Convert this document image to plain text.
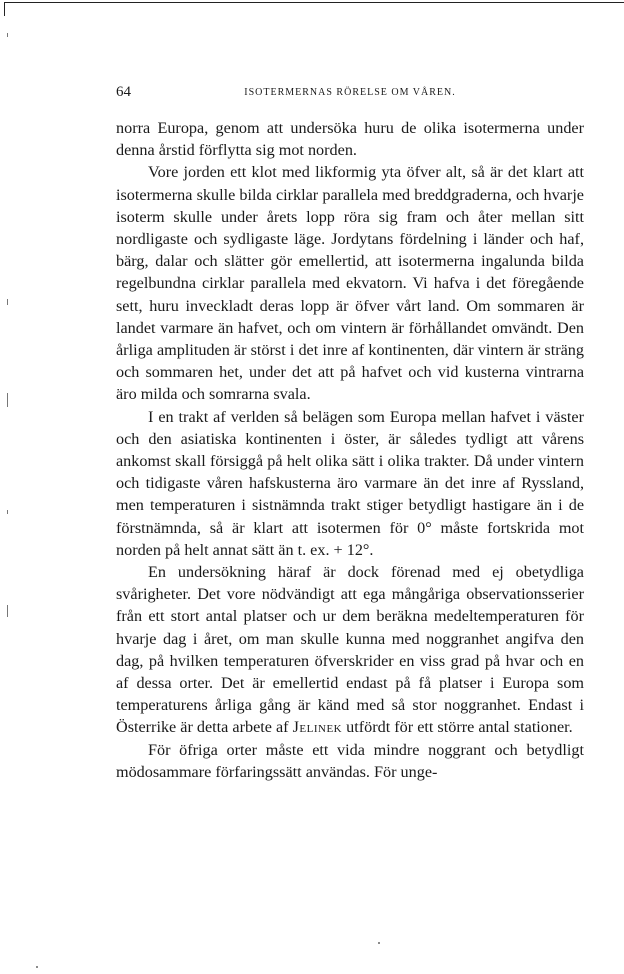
64	ISOTERMERNAS RÖRELSE OM VÅREN.

norra Europa, genom att undersöka huru de olika isotermerna under denna årstid förflytta sig mot norden.

Vore jorden ett klot med likformig yta öfver alt, så är det klart att isotermerna skulle bilda cirklar parallela med breddgraderna, och hvarje isoterm skulle under årets lopp röra sig fram och åter mellan sitt nordligaste och sydligaste läge. Jordytans fördelning i länder och haf, bärg, dalar och slätter gör emellertid, att isotermerna ingalunda bilda regelbundna cirklar parallela med ekvatorn. Vi hafva i det föregående sett, huru inveckladt deras lopp är öfver vårt land. Om sommaren är landet varmare än hafvet, och om vintern är förhållandet omvändt. Den årliga amplituden är störst i det inre af kontinenten, där vintern är sträng och sommaren het, under det att på hafvet och vid kusterna vintrarna äro milda och somrarna svala.

I en trakt af verlden så belägen som Europa mellan hafvet i väster och den asiatiska kontinenten i öster, är således tydligt att vårens ankomst skall försiggå på helt olika sätt i olika trakter. Då under vintern och tidigaste våren hafskusterna äro varmare än det inre af Ryssland, men temperaturen i sistnämnda trakt stiger betydligt hastigare än i de förstnämnda, så är klart att isotermen för 0° måste fortskrida mot norden på helt annat sätt än t. ex. + 12°.

En undersökning häraf är dock förenad med ej obetydliga svårigheter. Det vore nödvändigt att ega mångåriga observationsserier från ett stort antal platser och ur dem beräkna medeltemperaturen för hvarje dag i året, om man skulle kunna med noggranhet angifva den dag, på hvilken temperaturen öfverskrider en viss grad på hvar och en af dessa orter. Det är emellertid endast på få platser i Europa som temperaturens årliga gång är känd med så stor noggranhet. Endast i Österrike är detta arbete af Jelinek utfördt för ett större antal stationer.

För öfriga orter måste ett vida mindre noggrant och betydligt mödosammare förfaringssätt användas. För unge-
